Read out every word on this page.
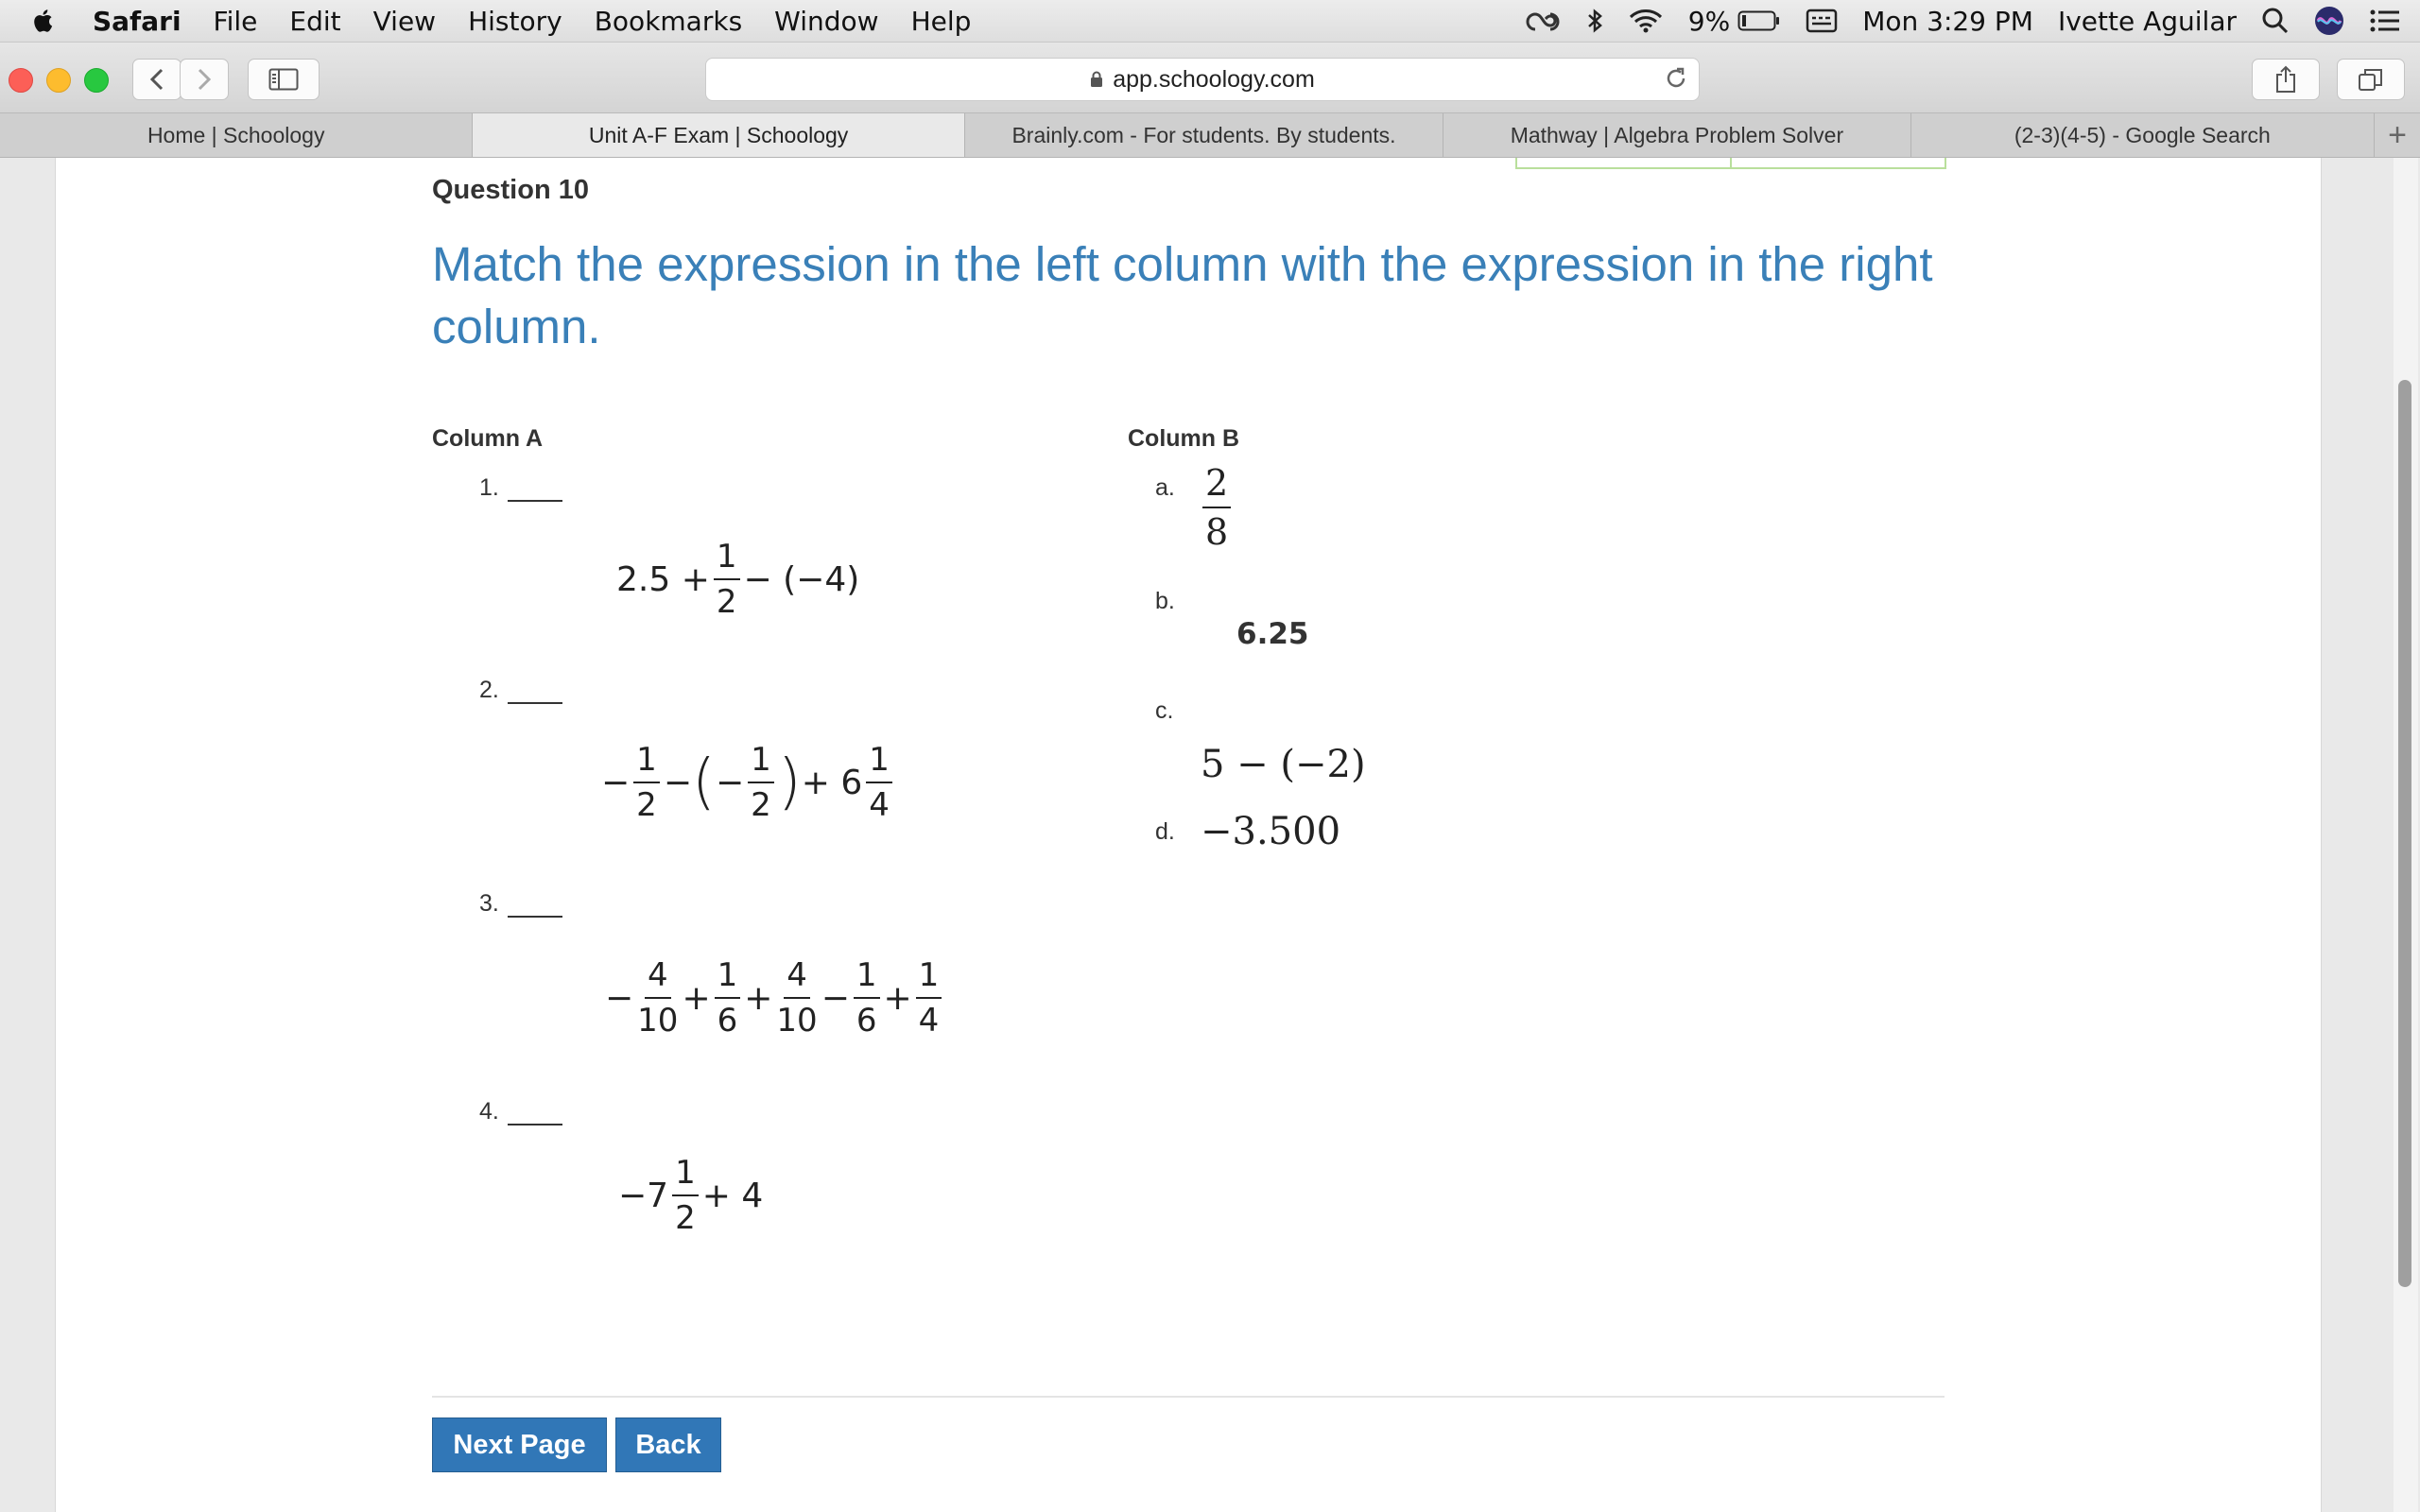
Safari File Edit View History Bookmarks Window Help	9%	Mon 3:29 PM Ivette Aguilar
app.schoology.com
Home | Schoology	Unit A-F Exam | Schoology	Brainly.com - For students. By students.	Mathway | Algebra Problem Solver	(2-3)(4-5) - Google Search	+
Question 10
Match the expression in the left column with the expression in the right column.
Column A	Column B
1.
$2.5 + \frac{1}{2} - (-4)$
2.
− $\frac{1}{2}$ − ( − $\frac{1}{2}$ ) + $6 \frac{1}{4}$
3.
− $\frac{4}{10} + \frac{1}{6} + \frac{4}{10} - \frac{1}{6} + \frac{1}{4}$
4.
$-7 \frac{1}{2} + 4$
a. $\frac{2}{8}$
b.
6.25
c.
5 − (−2)
d. −3.500
Next Page	Back
